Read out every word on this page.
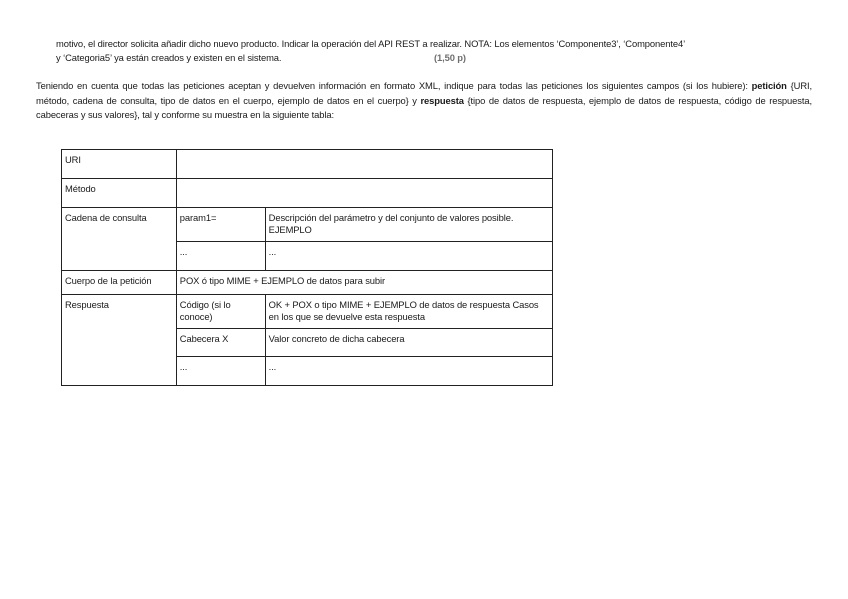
motivo, el director solicita añadir dicho nuevo producto. Indicar la operación del API REST a realizar. NOTA: Los elementos ‘Componente3’, ‘Componente4’
y ‘Categoria5’ ya están creados y existen en el sistema.	(1,50 p)
Teniendo en cuenta que todas las peticiones aceptan y devuelven información en formato XML, indique para todas las peticiones los siguientes campos (si los hubiere): petición {URI, método, cadena de consulta, tipo de datos en el cuerpo, ejemplo de datos en el cuerpo} y respuesta {tipo de datos de respuesta, ejemplo de datos de respuesta, código de respuesta, cabeceras y sus valores}, tal y conforme su muestra en la siguiente tabla:
URI		
Método		
Cadena de consulta	param1=	Descripción del parámetro y del conjunto de valores posible. EJEMPLO
	...	...
Cuerpo de la petición	POX ó tipo MIME + EJEMPLO de datos para subir	
Respuesta	Código (si lo conoce)	OK + POX o tipo MIME + EJEMPLO de datos de respuesta Casos en los que se devuelve esta respuesta
	Cabecera X	Valor concreto de dicha cabecera
	...	...
